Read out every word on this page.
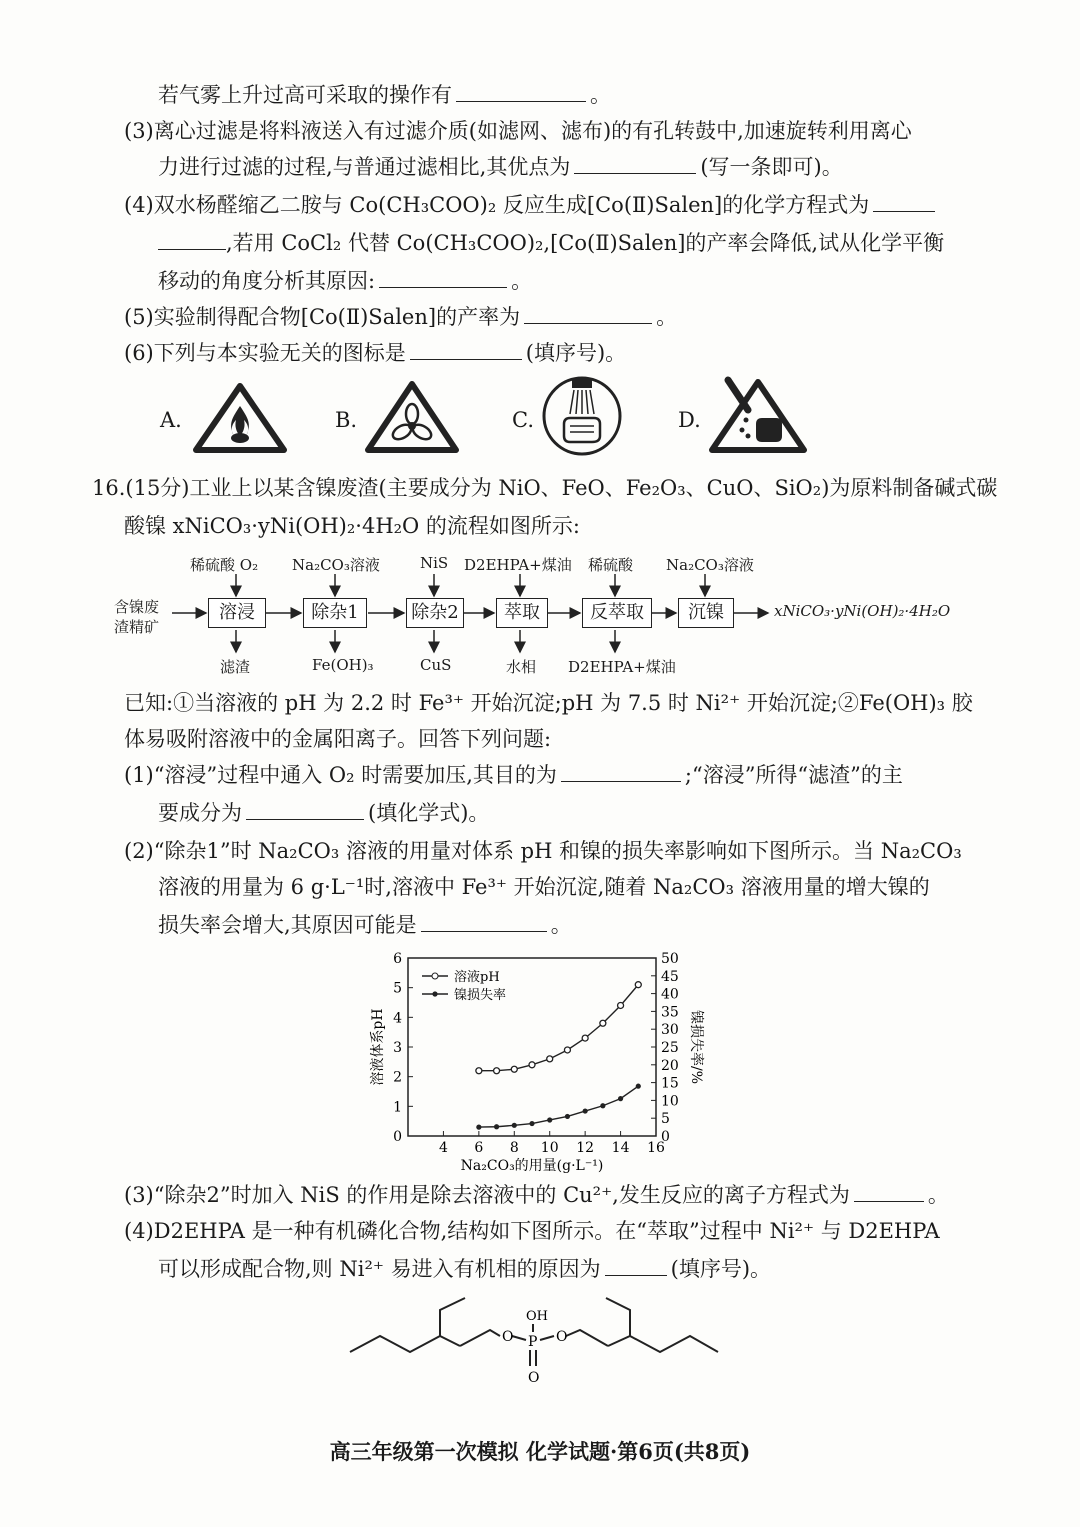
若气雾上升过高可采取的操作有	。
(3)离心过滤是将料液送入有过滤介质(如滤网、滤布)的有孔转鼓中,加速旋转利用离心
力进行过滤的过程,与普通过滤相比,其优点为	(写一条即可)。
(4)双水杨醛缩乙二胺与 Co(CH₃COO)₂ 反应生成[Co(Ⅱ)Salen]的化学方程式为
,若用 CoCl₂ 代替 Co(CH₃COO)₂,[Co(Ⅱ)Salen]的产率会降低,试从化学平衡
移动的角度分析其原因:	。
(5)实验制得配合物[Co(Ⅱ)Salen]的产率为	。
(6)下列与本实验无关的图标是	(填序号)。
A.	B.	C.	D.
16.(15分)工业上以某含镍废渣(主要成分为 NiO、FeO、Fe₂O₃、CuO、SiO₂)为原料制备碱式碳
酸镍 xNiCO₃·yNi(OH)₂·4H₂O 的流程如图所示:
含镍废
渣精矿
溶浸	除杂1	除杂2	萃取	反萃取	沉镍
稀硫酸 O₂ Na₂CO₃溶液	NiS D2EHPA+煤油 稀硫酸 Na₂CO₃溶液
滤渣	Fe(OH)₃	CuS	水相 D2EHPA+煤油
xNiCO₃·yNi(OH)₂·4H₂O
已知:①当溶液的 pH 为 2.2 时 Fe³⁺ 开始沉淀;pH 为 7.5 时 Ni²⁺ 开始沉淀;②Fe(OH)₃ 胶
体易吸附溶液中的金属阳离子。回答下列问题:
(1)“溶浸”过程中通入 O₂ 时需要加压,其目的为	;“溶浸”所得“滤渣”的主
要成分为	(填化学式)。
(2)“除杂1”时 Na₂CO₃ 溶液的用量对体系 pH 和镍的损失率影响如下图所示。当 Na₂CO₃
溶液的用量为 6 g·L⁻¹时,溶液中 Fe³⁺ 开始沉淀,随着 Na₂CO₃ 溶液用量的增大镍的
损失率会增大,其原因可能是	。
4 6 8 10 12 14 16
0
1
2
3
4
5
6
0
5
10
15
20
25
30
35
40
45
50
Na₂CO₃的用量(g·L⁻¹)
溶液体系pH	镍损失率/%
溶液pH
镍损失率
(3)“除杂2”时加入 NiS 的作用是除去溶液中的 Cu²⁺,发生反应的离子方程式为	。
(4)D2EHPA 是一种有机磷化合物,结构如下图所示。在“萃取”过程中 Ni²⁺ 与 D2EHPA
可以形成配合物,则 Ni²⁺ 易进入有机相的原因为	(填序号)。
OH
O P O
O
高三年级第一次模拟 化学试题·第6页(共8页)
